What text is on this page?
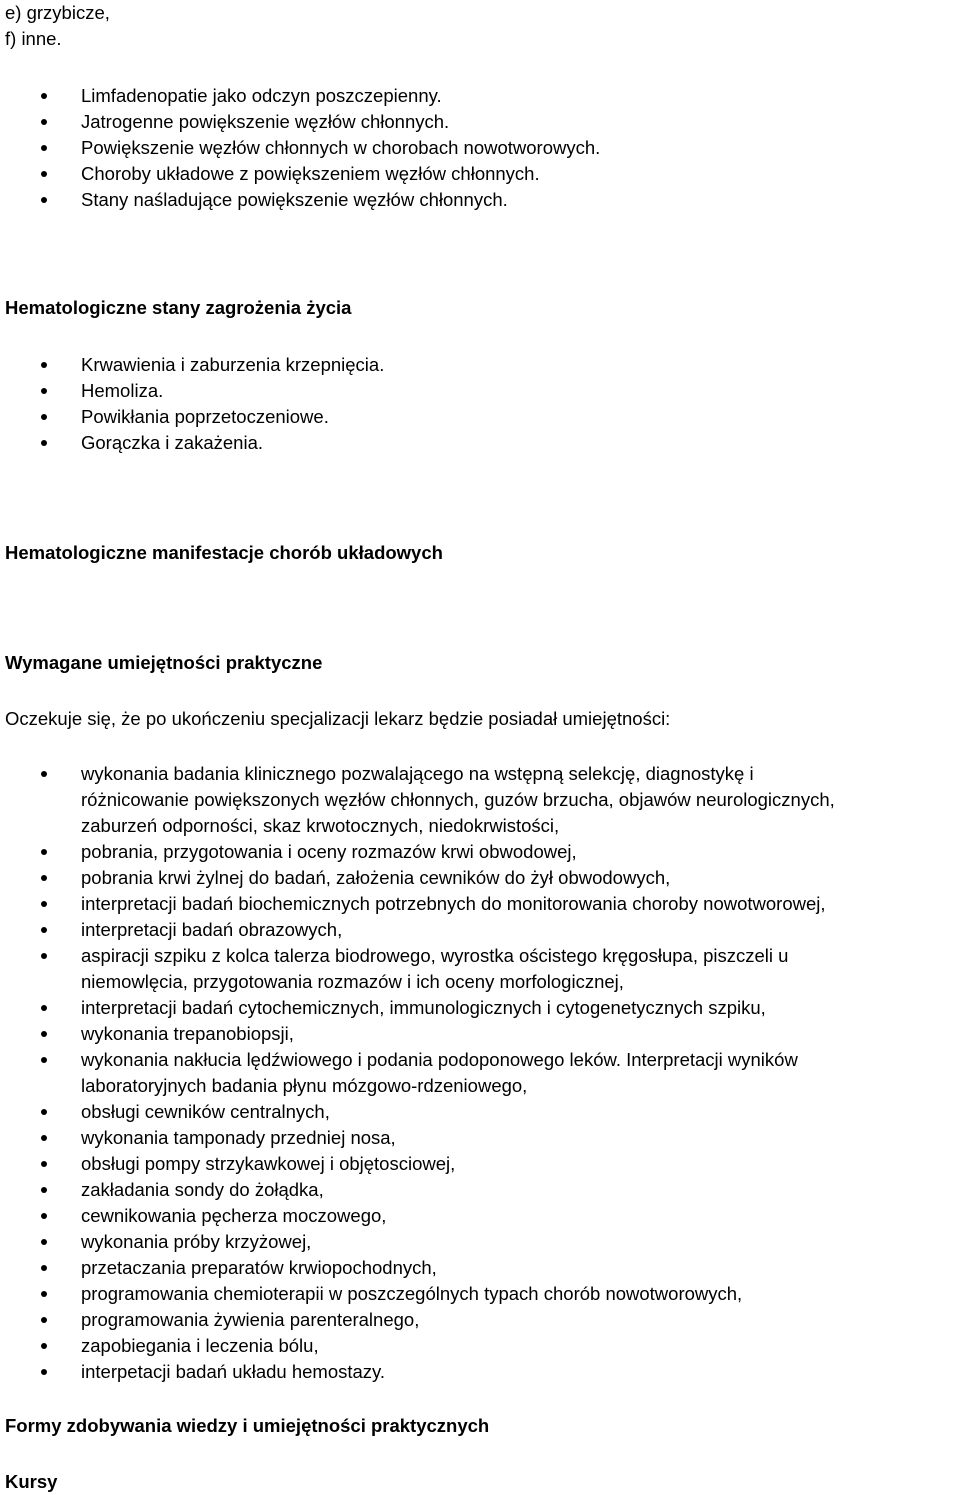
e) grzybicze,
f) inne.
Limfadenopatie jako odczyn poszczepienny.
Jatrogenne powiększenie węzłów chłonnych.
Powiększenie węzłów chłonnych w chorobach nowotworowych.
Choroby układowe z powiększeniem węzłów chłonnych.
Stany naśladujące powiększenie węzłów chłonnych.
Hematologiczne stany zagrożenia życia
Krwawienia i zaburzenia krzepnięcia.
Hemoliza.
Powikłania poprzetoczeniowe.
Gorączka i zakażenia.
Hematologiczne manifestacje chorób układowych
Wymagane umiejętności praktyczne
Oczekuje się, że po ukończeniu specjalizacji lekarz będzie posiadał umiejętności:
wykonania badania klinicznego pozwalającego na wstępną selekcję, diagnostykę i
różnicowanie powiększonych węzłów chłonnych, guzów brzucha, objawów neurologicznych,
zaburzeń odporności, skaz krwotocznych, niedokrwistości,
pobrania, przygotowania i oceny rozmazów krwi obwodowej,
pobrania krwi żylnej do badań, założenia cewników do żył obwodowych,
interpretacji badań biochemicznych potrzebnych do monitorowania choroby nowotworowej,
interpretacji badań obrazowych,
aspiracji szpiku z kolca talerza biodrowego, wyrostka ościstego kręgosłupa, piszczeli u
niemowlęcia, przygotowania rozmazów i ich oceny morfologicznej,
interpretacji badań cytochemicznych, immunologicznych i cytogenetycznych szpiku,
wykonania trepanobiopsji,
wykonania nakłucia lędźwiowego i podania podoponowego leków. Interpretacji wyników
laboratoryjnych badania płynu mózgowo-rdzeniowego,
obsługi cewników centralnych,
wykonania tamponady przedniej nosa,
obsługi pompy strzykawkowej i objętosciowej,
zakładania sondy do żołądka,
cewnikowania pęcherza moczowego,
wykonania próby krzyżowej,
przetaczania preparatów krwiopochodnych,
programowania chemioterapii w poszczególnych typach chorób nowotworowych,
programowania żywienia parenteralnego,
zapobiegania i leczenia bólu,
interpetacji badań układu hemostazy.
Formy zdobywania wiedzy i umiejętności praktycznych
Kursy
